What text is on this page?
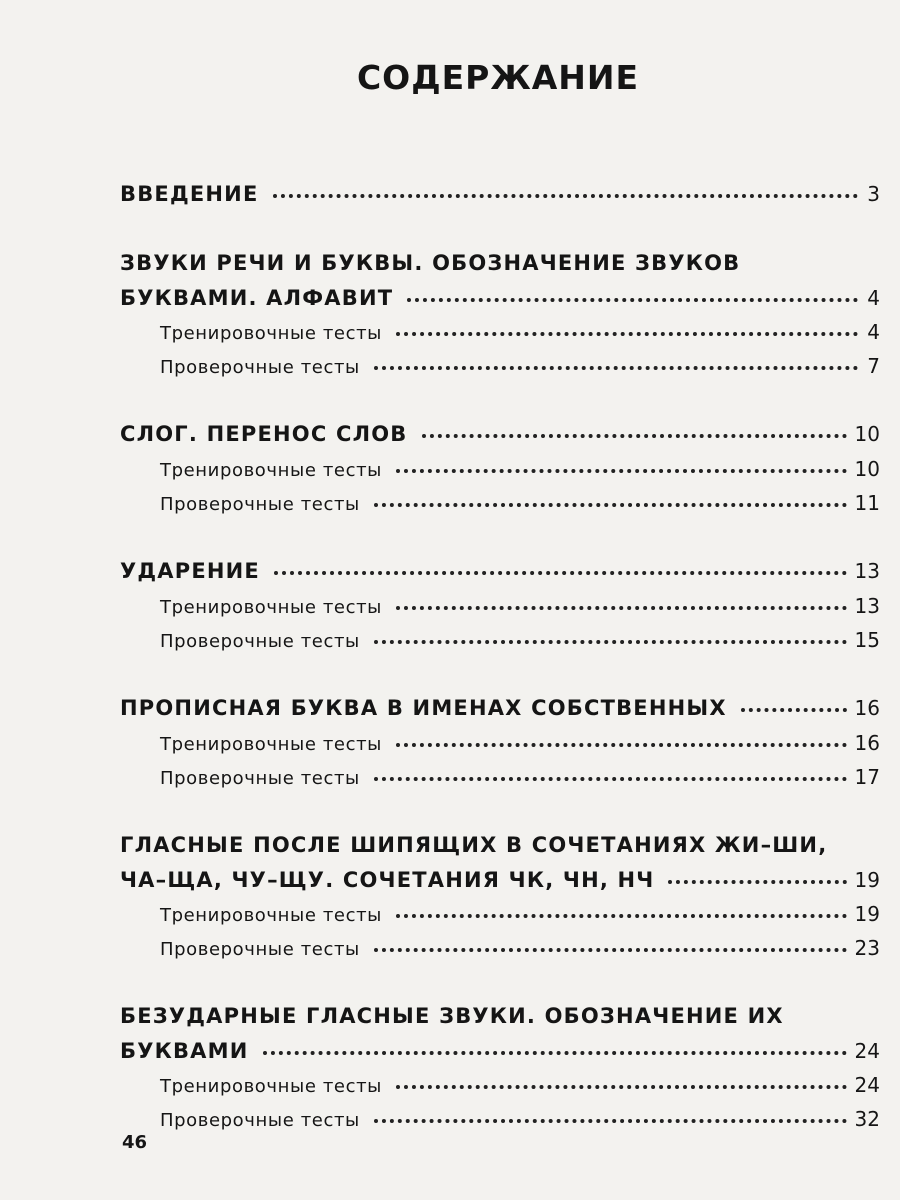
СОДЕРЖАНИЕ
ВВЕДЕНИЕ	3
ЗВУКИ РЕЧИ И БУКВЫ. ОБОЗНАЧЕНИЕ ЗВУКОВ
БУКВАМИ. АЛФАВИТ	4
Тренировочные тесты	4
Проверочные тесты	7
СЛОГ. ПЕРЕНОС СЛОВ	10
Тренировочные тесты	10
Проверочные тесты	11
УДАРЕНИЕ	13
Тренировочные тесты	13
Проверочные тесты	15
ПРОПИСНАЯ БУКВА В ИМЕНАХ СОБСТВЕННЫХ	16
Тренировочные тесты	16
Проверочные тесты	17
ГЛАСНЫЕ ПОСЛЕ ШИПЯЩИХ В СОЧЕТАНИЯХ ЖИ–ШИ,
ЧА–ЩА, ЧУ–ЩУ. СОЧЕТАНИЯ ЧК, ЧН, НЧ	19
Тренировочные тесты	19
Проверочные тесты	23
БЕЗУДАРНЫЕ ГЛАСНЫЕ ЗВУКИ. ОБОЗНАЧЕНИЕ ИХ
БУКВАМИ	24
Тренировочные тесты	24
Проверочные тесты	32
46
